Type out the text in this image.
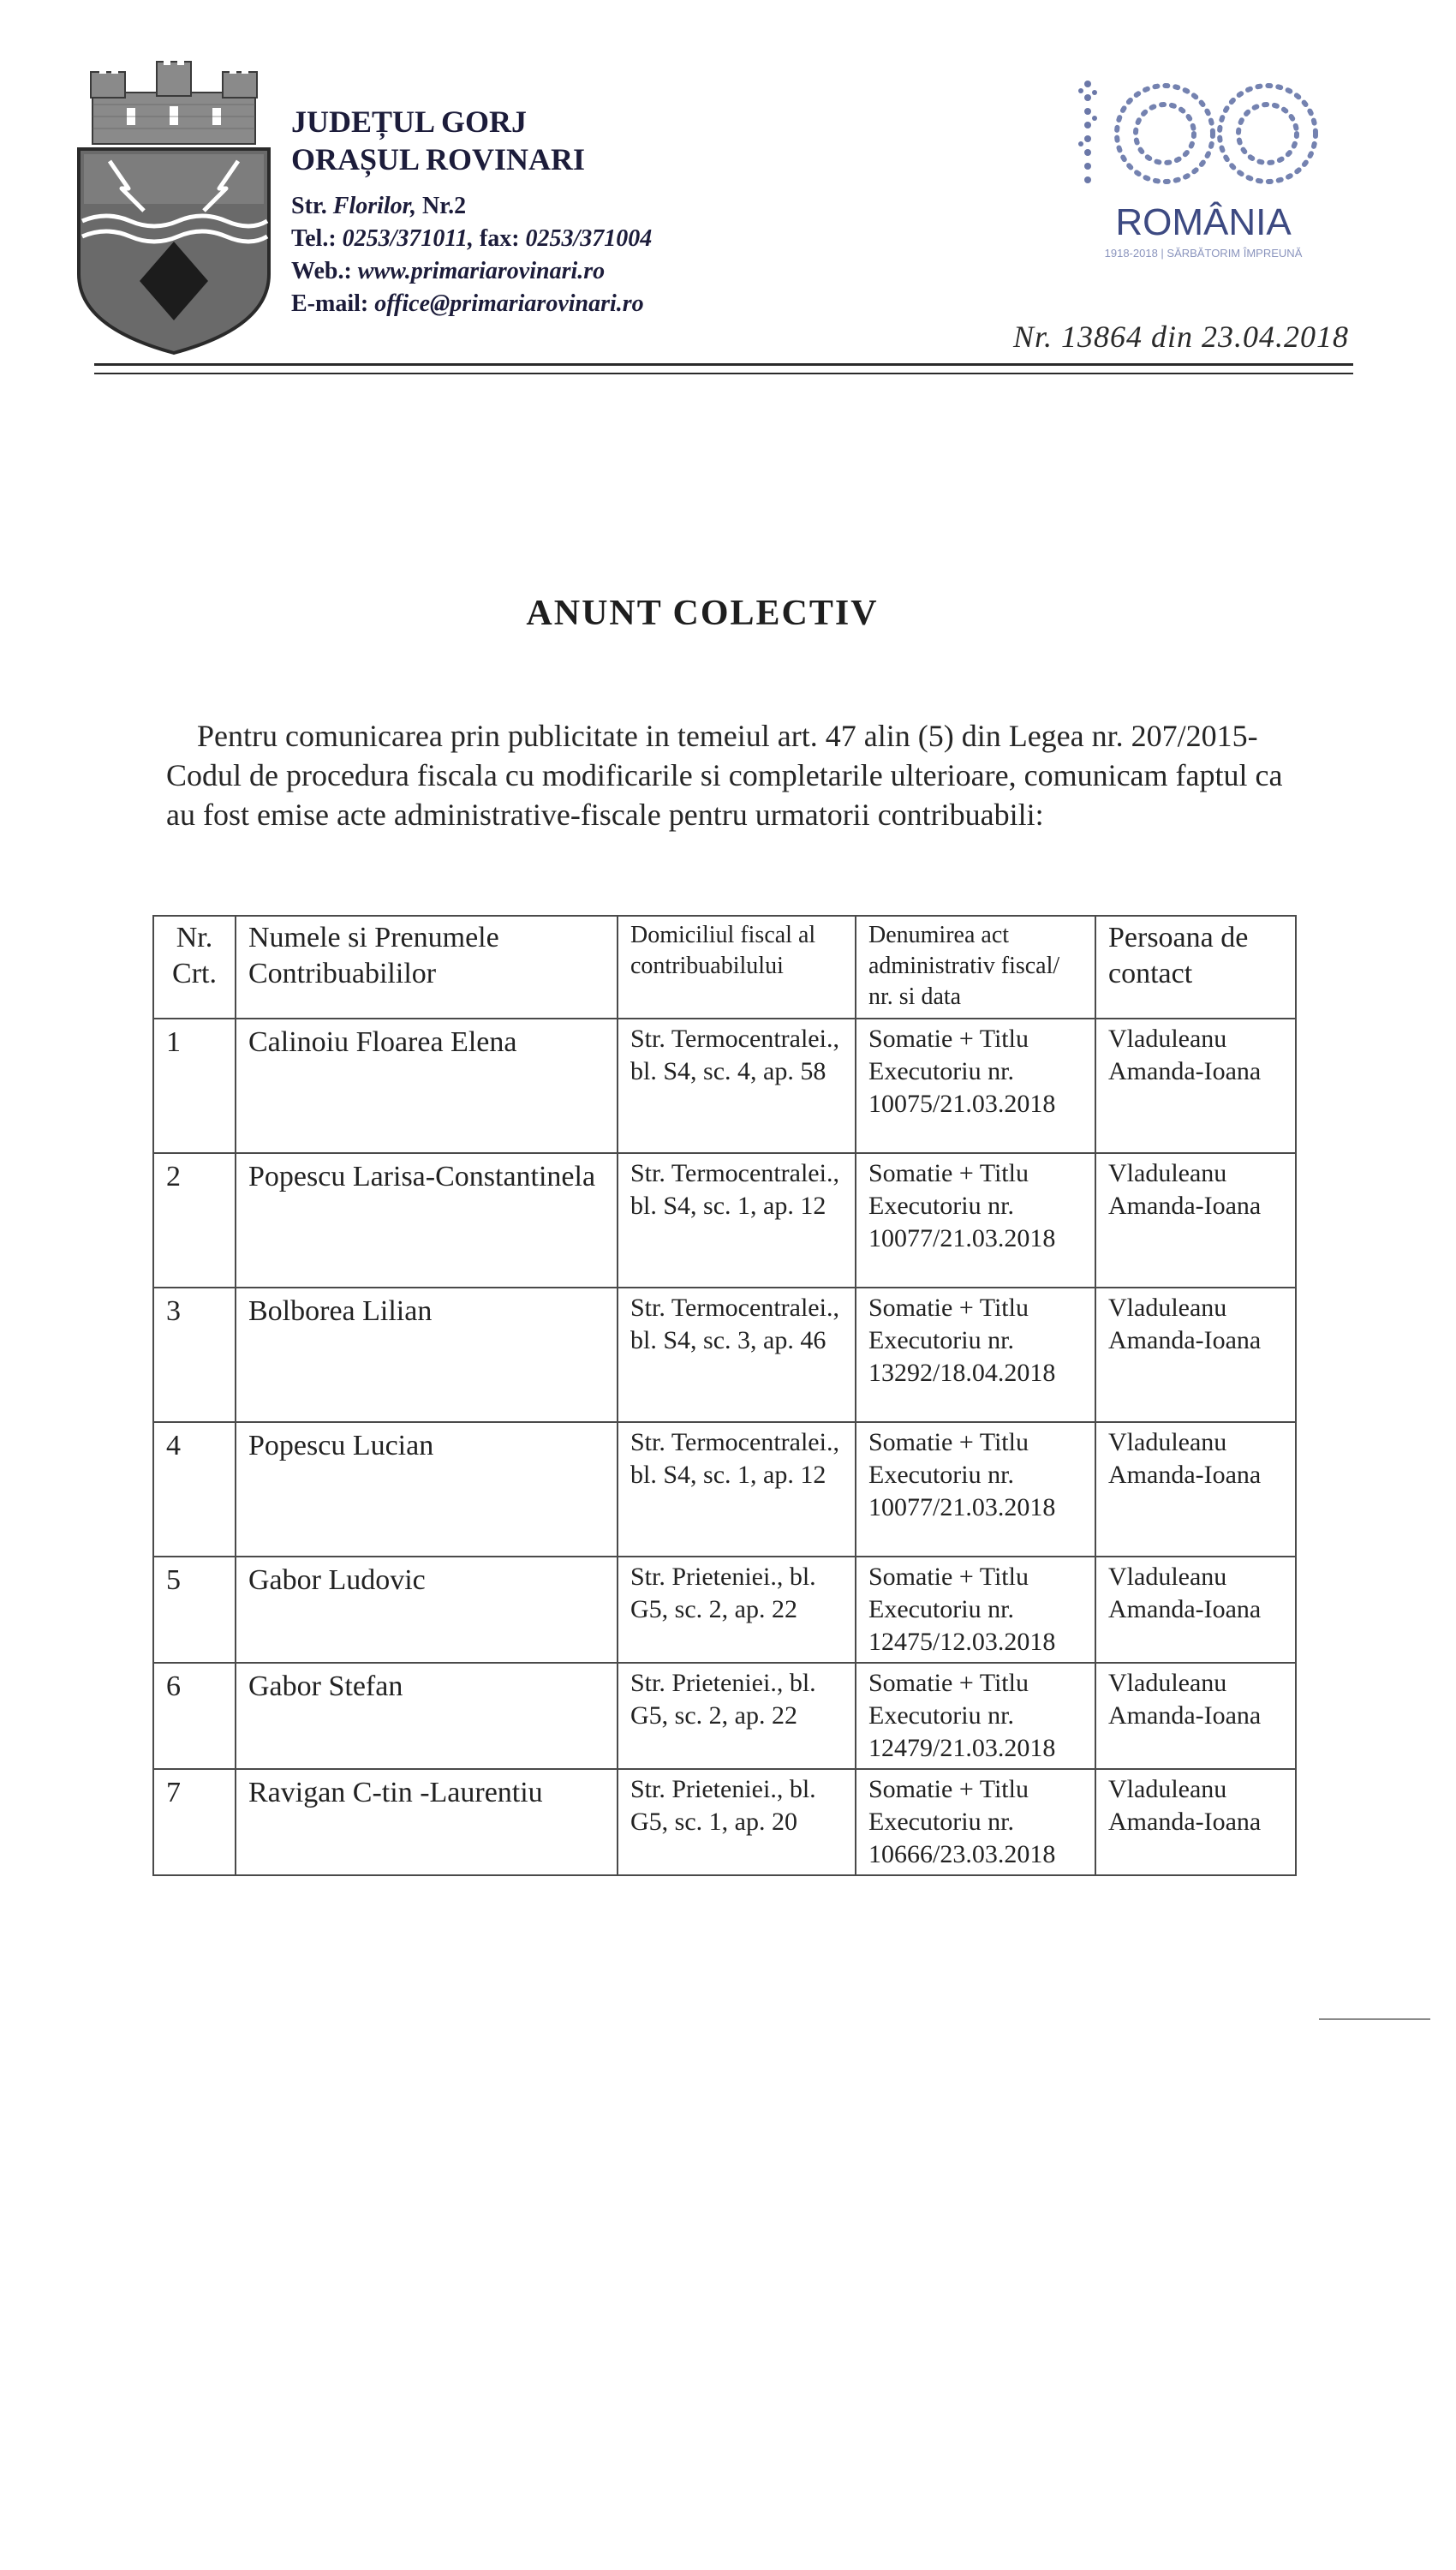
JUDEȚUL GORJ
ORAȘUL ROVINARI
Str. Florilor, Nr.2
Tel.: 0253/371011, fax: 0253/371004
Web.: www.primariarovinari.ro
E-mail: office@primariarovinari.ro
ROMÂNIA
1918-2018 | SĂRBĂTORIM ÎMPREUNĂ
Nr. 13864 din 23.04.2018
ANUNT COLECTIV

Pentru comunicarea prin publicitate in temeiul art. 47 alin (5) din Legea nr. 207/2015- Codul de procedura fiscala cu modificarile si completarile ulterioare, comunicam faptul ca au fost emise acte administrative-fiscale pentru urmatorii contribuabili:

Nr. Crt.	Numele si Prenumele Contribuabililor	Domiciliul fiscal al contribuabilului	Denumirea act administrativ fiscal/ nr. si data	Persoana de contact
1	Calinoiu Floarea Elena	Str. Termocentralei., bl. S4, sc. 4, ap. 58	Somatie + Titlu Executoriu nr. 10075/21.03.2018	Vladuleanu Amanda-Ioana
2	Popescu Larisa-Constantinela	Str. Termocentralei., bl. S4, sc. 1, ap. 12	Somatie + Titlu Executoriu nr. 10077/21.03.2018	Vladuleanu Amanda-Ioana
3	Bolborea Lilian	Str. Termocentralei., bl. S4, sc. 3, ap. 46	Somatie + Titlu Executoriu nr. 13292/18.04.2018	Vladuleanu Amanda-Ioana
4	Popescu Lucian	Str. Termocentralei., bl. S4, sc. 1, ap. 12	Somatie + Titlu Executoriu nr. 10077/21.03.2018	Vladuleanu Amanda-Ioana
5	Gabor Ludovic	Str. Prieteniei., bl. G5, sc. 2, ap. 22	Somatie + Titlu Executoriu nr. 12475/12.03.2018	Vladuleanu Amanda-Ioana
6	Gabor Stefan	Str. Prieteniei., bl. G5, sc. 2, ap. 22	Somatie + Titlu Executoriu nr. 12479/21.03.2018	Vladuleanu Amanda-Ioana
7	Ravigan C-tin -Laurentiu	Str. Prieteniei., bl. G5, sc. 1, ap. 20	Somatie + Titlu Executoriu nr. 10666/23.03.2018	Vladuleanu Amanda-Ioana
